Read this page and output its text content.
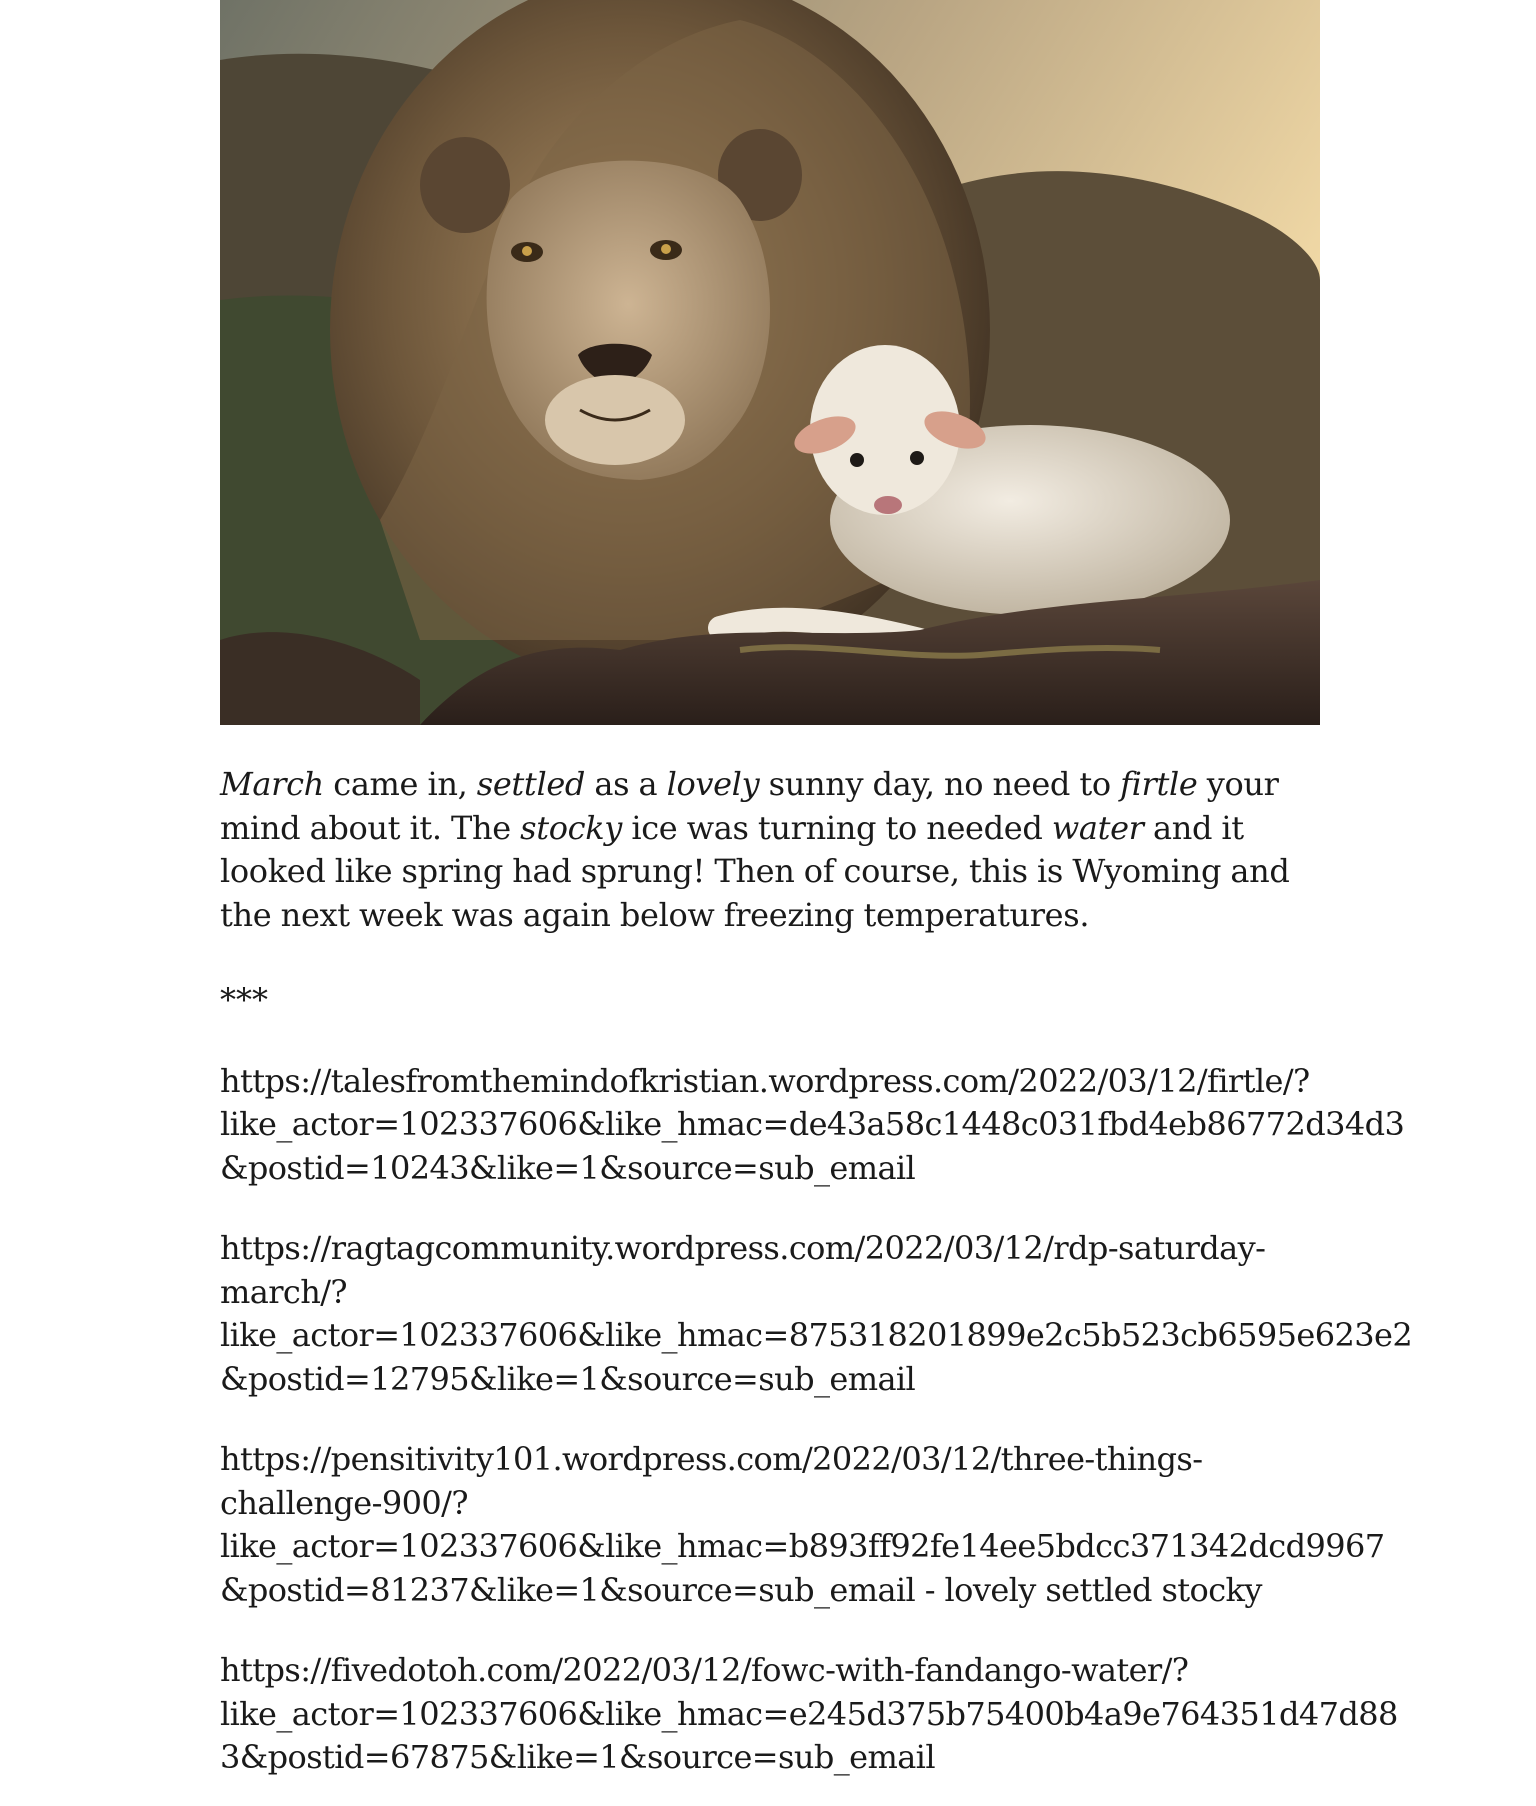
March came in, settled as a lovely sunny day, no need to firtle your mind about it. The stocky ice was turning to needed water and it looked like spring had sprung! Then of course, this is Wyoming and the next week was again below freezing temperatures.

***

https://talesfromthemindofkristian.wordpress.com/2022/03/12/firtle/?
like_actor=102337606&like_hmac=de43a58c1448c031fbd4eb86772d34d3
&postid=10243&like=1&source=sub_email

https://ragtagcommunity.wordpress.com/2022/03/12/rdp-saturday-
march/?
like_actor=102337606&like_hmac=875318201899e2c5b523cb6595e623e2
&postid=12795&like=1&source=sub_email

https://pensitivity101.wordpress.com/2022/03/12/three-things-
challenge-900/?
like_actor=102337606&like_hmac=b893ff92fe14ee5bdcc371342dcd9967
&postid=81237&like=1&source=sub_email - lovely settled stocky

https://fivedotoh.com/2022/03/12/fowc-with-fandango-water/?
like_actor=102337606&like_hmac=e245d375b75400b4a9e764351d47d88
3&postid=67875&like=1&source=sub_email
